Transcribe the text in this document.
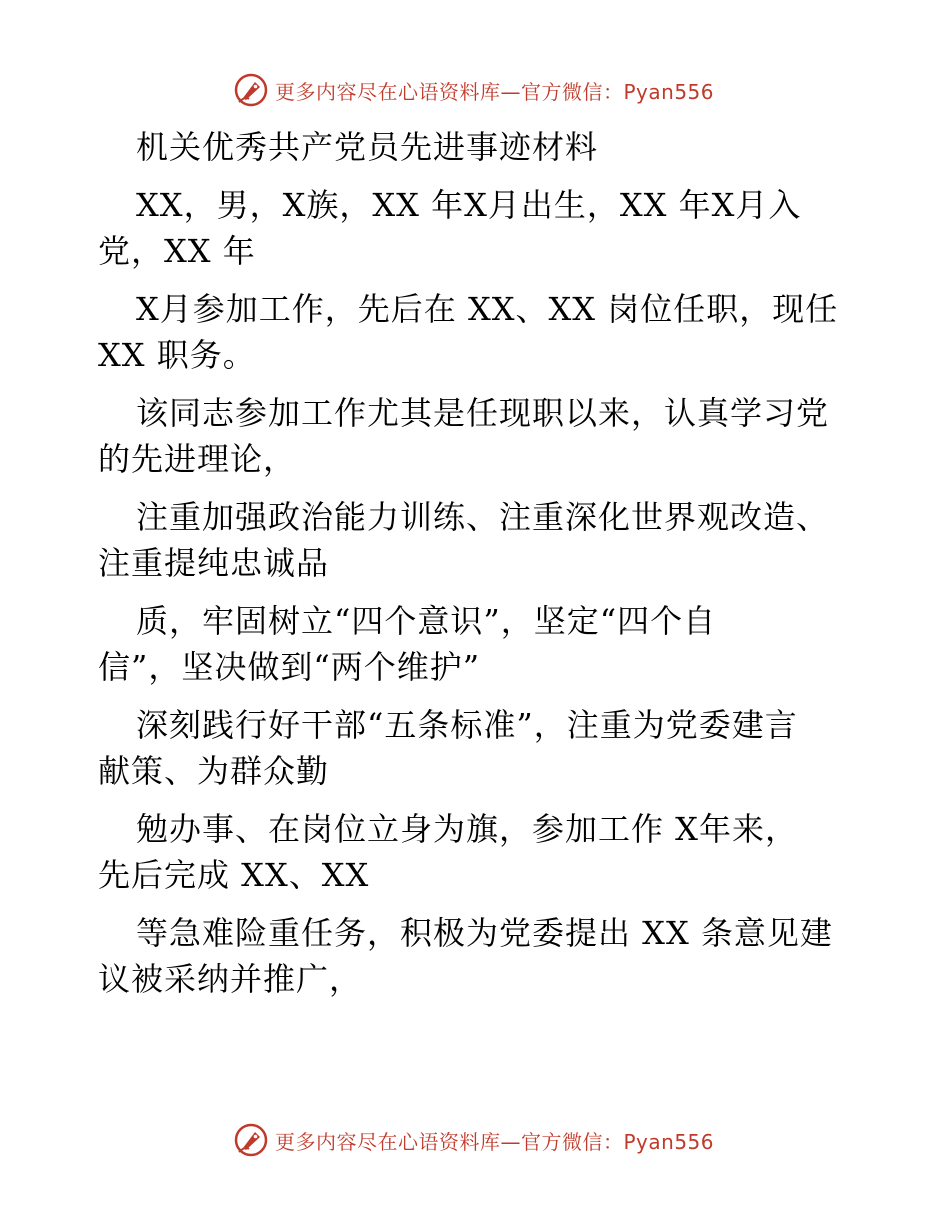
更多内容尽在心语资料库—官方微信：Pyan556

机关优秀共产党员先进事迹材料

XX，男，X族，XX 年X月出生，XX 年X月入
党，XX 年

X月参加工作，先后在 XX、XX 岗位任职，现任
XX 职务。

该同志参加工作尤其是任现职以来，认真学习党
的先进理论，

注重加强政治能力训练、注重深化世界观改造、
注重提纯忠诚品

质，牢固树立“四个意识”，坚定“四个自
信”，坚决做到“两个维护”

深刻践行好干部“五条标准”，注重为党委建言
献策、为群众勤

勉办事、在岗位立身为旗，参加工作 X年来，
先后完成 XX、XX

等急难险重任务，积极为党委提出 XX 条意见建
议被采纳并推广，

更多内容尽在心语资料库—官方微信：Pyan556
